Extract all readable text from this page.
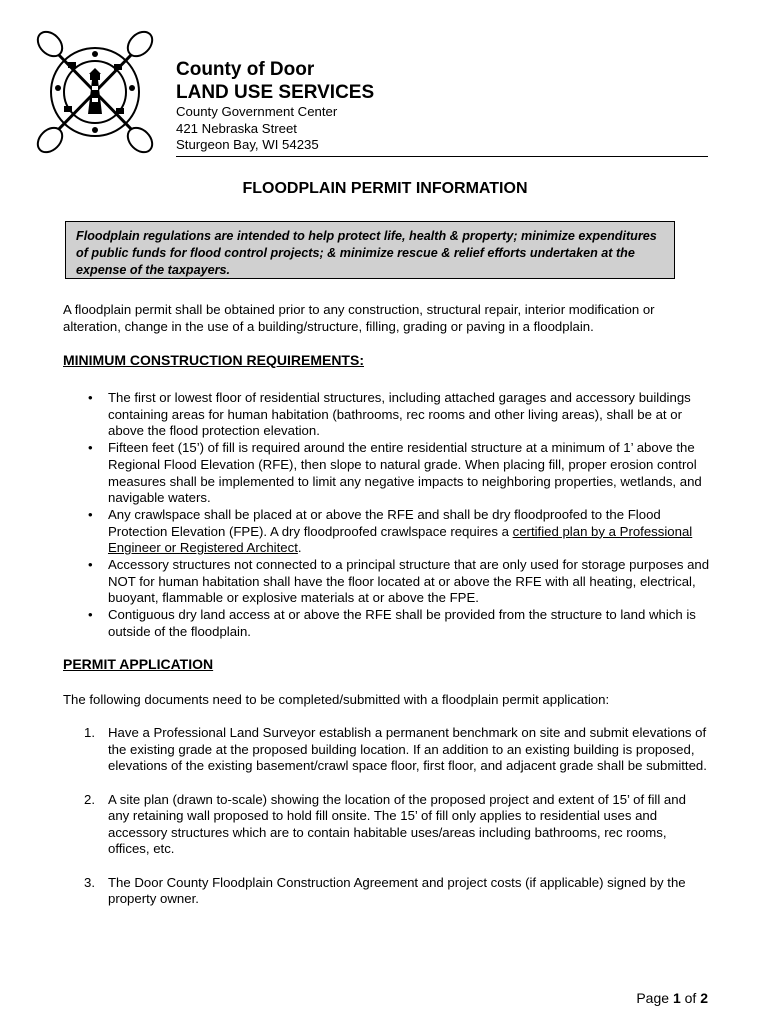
County of Door
LAND USE SERVICES
County Government Center
421 Nebraska Street
Sturgeon Bay, WI 54235
FLOODPLAIN PERMIT INFORMATION
Floodplain regulations are intended to help protect life, health & property; minimize expenditures of public funds for flood control projects; & minimize rescue & relief efforts undertaken at the expense of the taxpayers.
A floodplain permit shall be obtained prior to any construction, structural repair, interior modification or alteration, change in the use of a building/structure, filling, grading or paving in a floodplain.
MINIMUM CONSTRUCTION REQUIREMENTS:
• The first or lowest floor of residential structures, including attached garages and accessory buildings containing areas for human habitation (bathrooms, rec rooms and other living areas), shall be at or above the flood protection elevation.
• Fifteen feet (15’) of fill is required around the entire residential structure at a minimum of 1’ above the Regional Flood Elevation (RFE), then slope to natural grade. When placing fill, proper erosion control measures shall be implemented to limit any negative impacts to neighboring properties, wetlands, and navigable waters.
• Any crawlspace shall be placed at or above the RFE and shall be dry floodproofed to the Flood Protection Elevation (FPE). A dry floodproofed crawlspace requires a certified plan by a Professional Engineer or Registered Architect.
• Accessory structures not connected to a principal structure that are only used for storage purposes and NOT for human habitation shall have the floor located at or above the RFE with all heating, electrical, buoyant, flammable or explosive materials at or above the FPE.
• Contiguous dry land access at or above the RFE shall be provided from the structure to land which is outside of the floodplain.
PERMIT APPLICATION
The following documents need to be completed/submitted with a floodplain permit application:
1. Have a Professional Land Surveyor establish a permanent benchmark on site and submit elevations of the existing grade at the proposed building location. If an addition to an existing building is proposed, elevations of the existing basement/crawl space floor, first floor, and adjacent grade shall be submitted.
2. A site plan (drawn to-scale) showing the location of the proposed project and extent of 15’ of fill and any retaining wall proposed to hold fill onsite. The 15’ of fill only applies to residential uses and accessory structures which are to contain habitable uses/areas including bathrooms, rec rooms, offices, etc.
3. The Door County Floodplain Construction Agreement and project costs (if applicable) signed by the property owner.
Page 1 of 2
